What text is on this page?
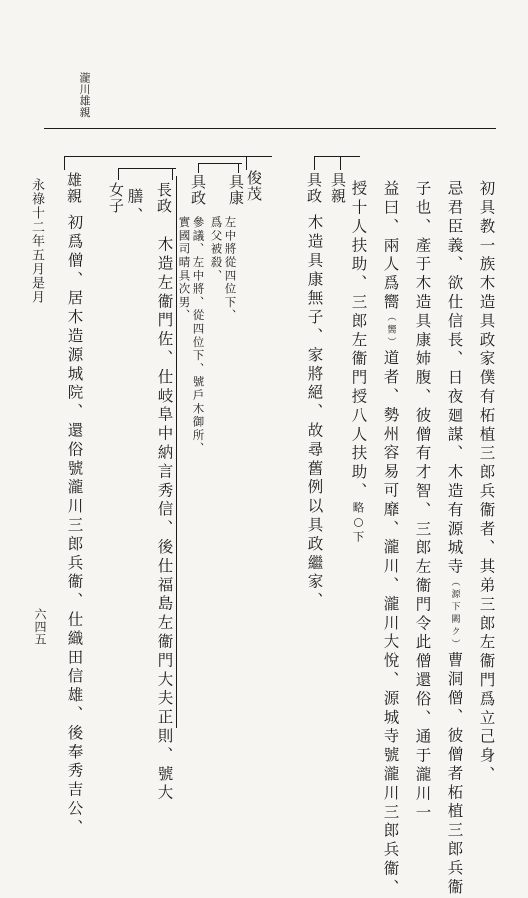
瀧川雄親
初具教一族木造具政家僕有柘植三郎兵衞者、其弟三郎左衞門爲立己身、
忌君臣義、欲仕信長、日夜廻謀、木造有源城寺（源下闕ク）曹洞僧、彼僧者柘植三郎兵衞
子也、產于木造具康姉腹、彼僧有才智、三郎左衞門令此僧還俗、通于瀧川一
益曰、兩人爲嚮（嚮）道者、勢州容易可靡、瀧川、瀧川大悅、源城寺號瀧川三郎兵衞、
授十人扶助、三郎左衞門授八人扶助、略○下
俊茂	具親
具政
木造具康無子、家將絕、故尋舊例以具政繼家、
具康
左中將從四位下、
爲父被殺、
具政
參議、左中將、從四位下、號戶木御所、
實國司晴具次男、
長政
木造左衞門佐、仕岐阜中納言秀信、後仕福島左衞門大夫正則、號大
膳、
女子
雄親
初爲僧、居木造源城院、還俗號瀧川三郎兵衞、仕織田信雄、後奉秀吉公、
永祿十二年五月是月
六四五
